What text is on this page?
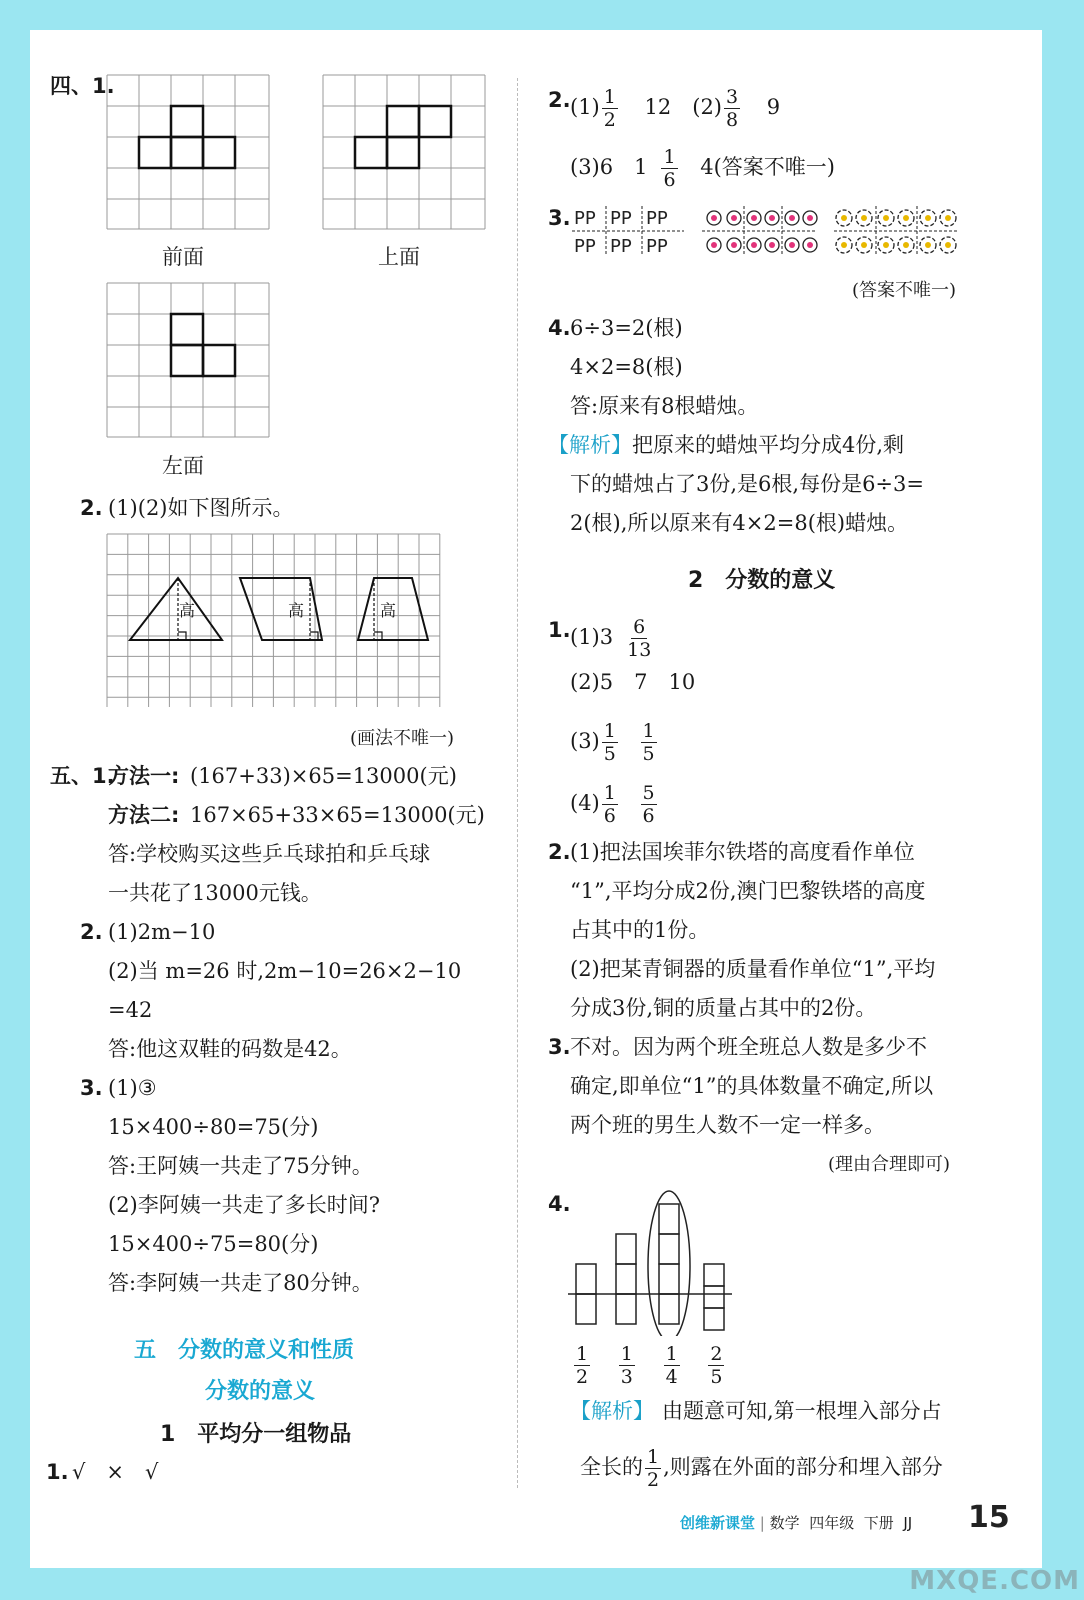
四、1.
前面	上面
左面
2. (1)(2)如下图所示。
高	高	高
(画法不唯一)
五、1.
方法一: (167+33)×65=13000(元)
方法二: 167×65+33×65=13000(元)
答:学校购买这些乒乓球拍和乒乓球
一共花了13000元钱。
2. (1)2m−10
(2)当 m=26 时,2m−10=26×2−10
=42
答:他这双鞋的码数是42。
3. (1)③
15×400÷80=75(分)
答:王阿姨一共走了75分钟。
(2)李阿姨一共走了多长时间?
15×400÷75=80(分)
答:李阿姨一共走了80分钟。
五　分数的意义和性质
分数的意义
1　平均分一组物品
1. √　×　√
2. $(1) \frac{1}{2} 12$　$(2) \frac{3}{8} 9$
(3)6　$1 \frac{1}{6} 4$(答案不唯一)
3. PP PP PP
PP PP PP
(答案不唯一)
4. 6÷3=2(根)
4×2=8(根)
答:原来有8根蜡烛。
【解析】把原来的蜡烛平均分成4份,剩
下的蜡烛占了3份,是6根,每份是6÷3=
2(根),所以原来有4×2=8(根)蜡烛。
2　分数的意义
1. $(1)3 \frac{6}{13}$
(2)5　7　10
$(3) \frac{1}{5}$
$\frac{1}{5}$
$(4) \frac{1}{6}$
$\frac{5}{6}$
2. (1)把法国埃菲尔铁塔的高度看作单位
“1”,平均分成2份,澳门巴黎铁塔的高度
占其中的1份。
(2)把某青铜器的质量看作单位“1”,平均
分成3份,铜的质量占其中的2份。
3. 不对。因为两个班全班总人数是多少不
确定,即单位“1”的具体数量不确定,所以
两个班的男生人数不一定一样多。
(理由合理即可)
4.
$\frac{1}{2}$
$\frac{1}{3}$
$\frac{1}{4}$
$\frac{2}{5}$
【解析】 由题意可知,第一根埋入部分占
全长的 $\frac{1}{2}$ ,则露在外面的部分和埋入部分
创维新课堂 | 数学 四年级 下册 JJ 15
MXQE.COM
